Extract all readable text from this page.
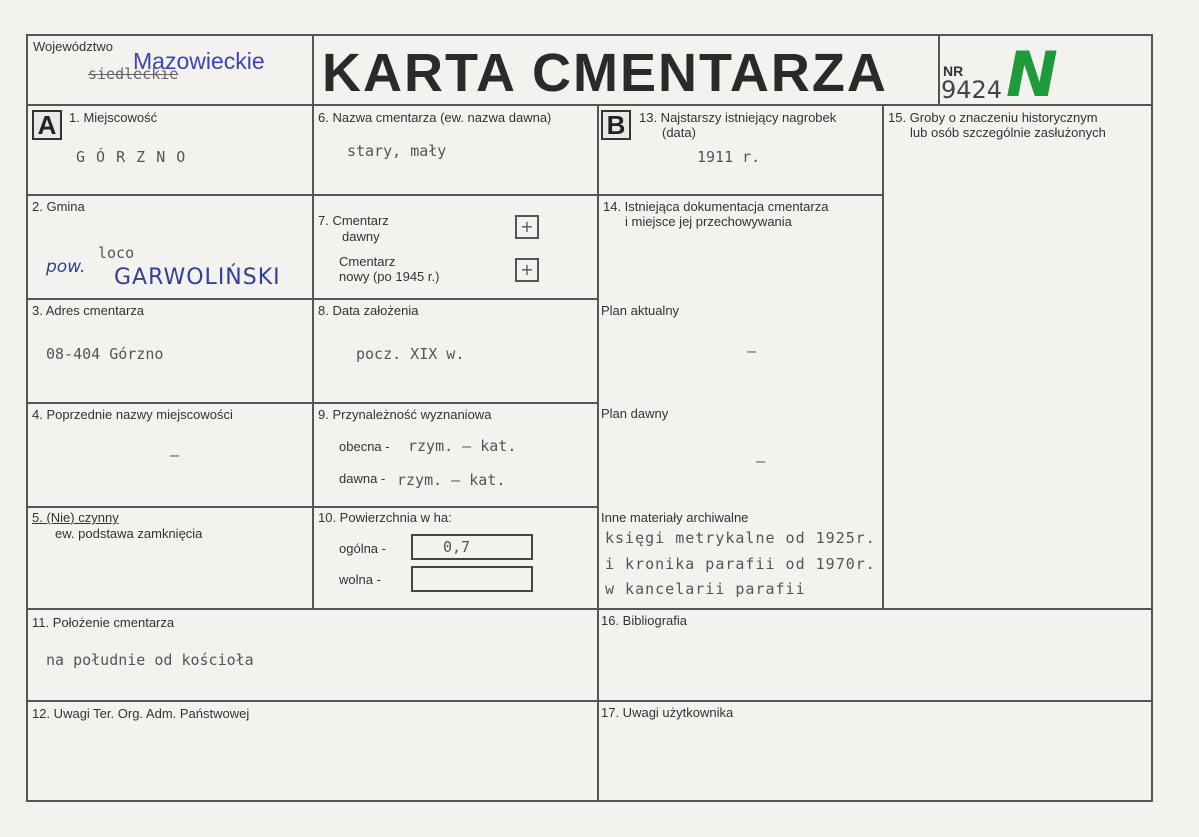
Województwo
Mazowieckie
siedleckie	KARTA CMENTARZA	NR
9424 N
A 1. Miejscowość
G Ó R Z N O
6. Nazwa cmentarza (ew. nazwa dawna)
stary, mały
B	13. Najstarszy istniejący nagrobek
(data)
1911 r.
15. Groby o znaczeniu historycznym
lub osób szczególnie zasłużonych
2. Gmina
loco
pow. GARWOLIŃSKI
7. Cmentarz
dawny
+
Cmentarz
nowy (po 1945 r.)	+
14. Istniejąca dokumentacja cmentarza
i miejsce jej przechowywania
Plan aktualny
–
Plan dawny
–
Inne materiały archiwalne
księgi metrykalne od 1925r.
i kronika parafii od 1970r.
w kancelarii parafii
3. Adres cmentarza
08-404 Górzno
8. Data założenia
pocz. XIX w.
4. Poprzednie nazwy miejscowości
–
9. Przynależność wyznaniowa
obecna - rzym. – kat.
dawna - rzym. – kat.
5. (Nie) czynny
ew. podstawa zamknięcia
10. Powierzchnia w ha:
ogólna -	0,7
wolna -
11. Położenie cmentarza
na południe od kościoła
16. Bibliografia
12. Uwagi Ter. Org. Adm. Państwowej	17. Uwagi użytkownika
